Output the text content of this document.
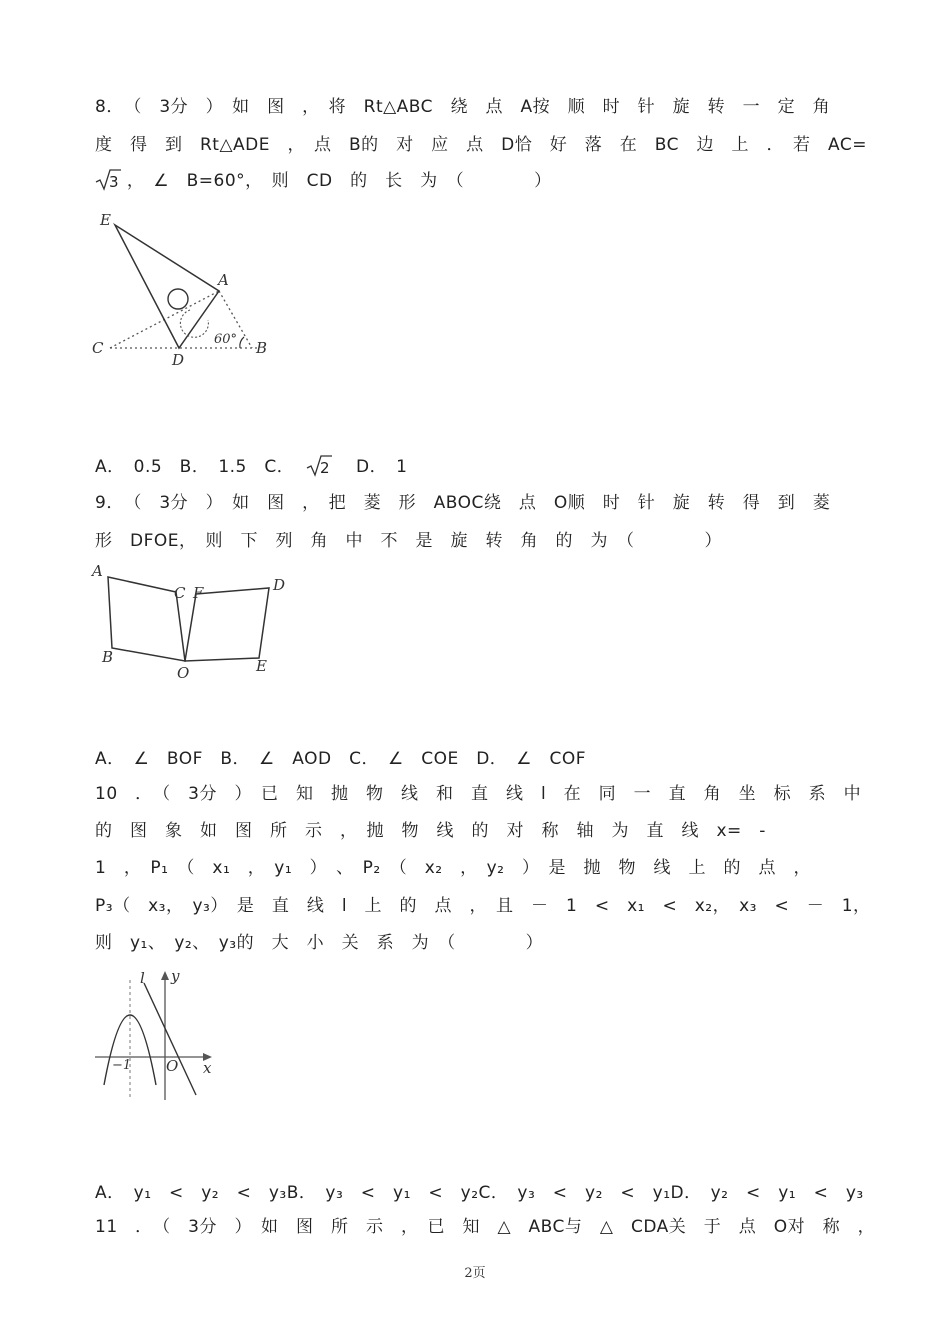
8．　（　3分　）　如　图　，　将　Rt△ABC　绕　点　A按　顺　时　针　旋　转　一　定　角
度　得　到　Rt△ADE　，　点　B的　对　应　点　D恰　好　落　在　BC　边　上　．　若　AC=
3 ，　∠　B=60°，　则　CD　的　长　为　（　　　　）
E
A
C
D
B
60°
A．　0.5　B．　1.5　C． 2 D．　1
9．　（　3分　）　如　图　，　把　菱　形　ABOC绕　点　O顺　时　针　旋　转　得　到　菱
形　DFOE，　则　下　列　角　中　不　是　旋　转　角　的　为　（　　　　）
A
C F	D
B
O	E
A．　∠　BOF　B．　∠　AOD　C．　∠　COE　D．　∠　COF
10　．　（　3分　）　已　知　抛　物　线　和　直　线　l　在　同　一　直　角　坐　标　系　中
的　图　象　如　图　所　示　，　抛　物　线　的　对　称　轴　为　直　线　x=　-
1　，　P₁　（　x₁　，　y₁　）　、　P₂　（　x₂　，　y₂　）　是　抛　物　线　上　的　点　，
P₃（　x₃，　y₃）　是　直　线　l　上　的　点　，　且　－　1　<　x₁　<　x₂，　x₃　<　－　1，
则　y₁、　y₂、　y₃的　大　小　关　系　为　（　　　　）
l y
x
−1 O
A．　y₁　<　y₂　<　y₃B．　y₃　<　y₁　<　y₂C．　y₃　<　y₂　<　y₁D．　y₂　<　y₁　<　y₃
11　．　（　3分　）　如　图　所　示　，　已　知　△　ABC与　△　CDA关　于　点　O对　称　，
2页
